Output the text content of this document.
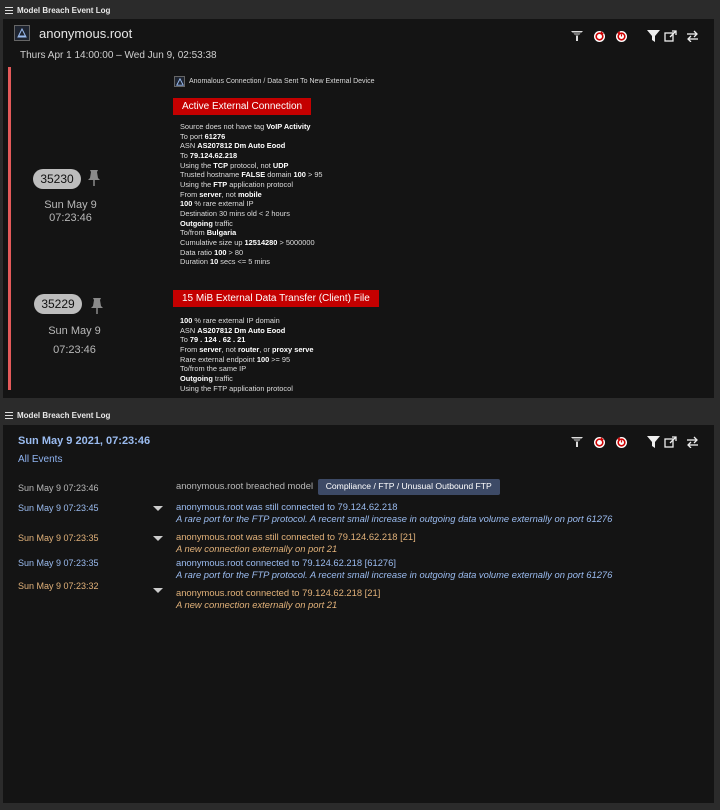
Model Breach Event Log
anonymous.root
Thurs Apr 1 14:00:00 – Wed Jun 9, 02:53:38
Anomalous Connection / Data Sent To New External Device
Active External Connection
Source does not have tag VoIP Activity
To port 61276
ASN AS207812 Dm Auto Eood
To 79.124.62.218
Using the TCP protocol, not UDP
Trusted hostname FALSE domain 100 > 95
Using the FTP application protocol
From server, not mobile
100 % rare external IP
Destination 30 mins old < 2 hours
Outgoing traffic
To/from Bulgaria
Cumulative size up 12514280 > 5000000
Data ratio 100 > 80
Duration 10 secs <= 5 mins
35230
Sun May 9
07:23:46
15 MiB External Data Transfer (Client) File
100 % rare external IP domain
ASN AS207812 Dm Auto Eood
To 79 . 124 . 62 . 21
From server, not router, or proxy serve
Rare external endpoint 100 >= 95
To/from the same IP
Outgoing traffic
Using the FTP application protocol
35229
Sun May 9
07:23:46
Model Breach Event Log
Sun May 9 2021, 07:23:46
All Events
Sun May 9 07:23:46	anonymous.root breached model Compliance / FTP / Unusual Outbound FTP
Sun May 9 07:23:45	anonymous.root was still connected to 79.124.62.218
A rare port for the FTP protocol. A recent small increase in outgoing data volume externally on port 61276
Sun May 9 07:23:35	anonymous.root was still connected to 79.124.62.218 [21]
A new connection externally on port 21
Sun May 9 07:23:35	anonymous.root connected to 79.124.62.218 [61276]
A rare port for the FTP protocol. A recent small increase in outgoing data volume externally on port 61276
Sun May 9 07:23:32
anonymous.root connected to 79.124.62.218 [21]
A new connection externally on port 21
